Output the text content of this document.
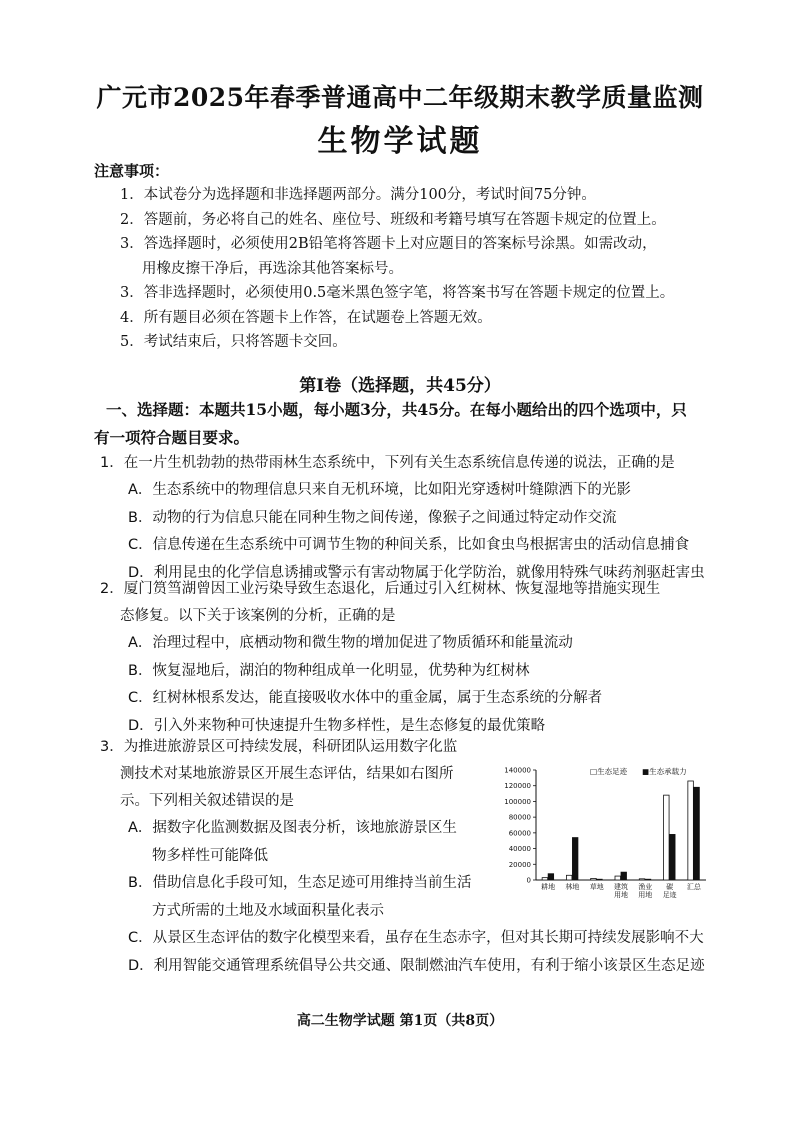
广元市2025年春季普通高中二年级期末教学质量监测
生物学试题
注意事项：
1．本试卷分为选择题和非选择题两部分。满分100分，考试时间75分钟。
2．答题前，务必将自己的姓名、座位号、班级和考籍号填写在答题卡规定的位置上。
3．答选择题时，必须使用2B铅笔将答题卡上对应题目的答案标号涂黑。如需改动，
用橡皮擦干净后，再选涂其他答案标号。
3．答非选择题时，必须使用0.5毫米黑色签字笔，将答案书写在答题卡规定的位置上。
4．所有题目必须在答题卡上作答，在试题卷上答题无效。
5．考试结束后，只将答题卡交回。
第Ⅰ卷（选择题，共45分）
一、选择题：本题共15小题，每小题3分，共45分。在每小题给出的四个选项中，只
有一项符合题目要求。
1．在一片生机勃勃的热带雨林生态系统中，下列有关生态系统信息传递的说法，正确的是
A．生态系统中的物理信息只来自无机环境，比如阳光穿透树叶缝隙洒下的光影
B．动物的行为信息只能在同种生物之间传递，像猴子之间通过特定动作交流
C．信息传递在生态系统中可调节生物的种间关系，比如食虫鸟根据害虫的活动信息捕食
D．利用昆虫的化学信息诱捕或警示有害动物属于化学防治，就像用特殊气味药剂驱赶害虫
2．厦门筼筜湖曾因工业污染导致生态退化，后通过引入红树林、恢复湿地等措施实现生
态修复。以下关于该案例的分析，正确的是
A．治理过程中，底栖动物和微生物的增加促进了物质循环和能量流动
B．恢复湿地后，湖泊的物种组成单一化明显，优势种为红树林
C．红树林根系发达，能直接吸收水体中的重金属，属于生态系统的分解者
D．引入外来物种可快速提升生物多样性，是生态修复的最优策略
3．为推进旅游景区可持续发展，科研团队运用数字化监
测技术对某地旅游景区开展生态评估，结果如右图所
示。下列相关叙述错误的是
A．据数字化监测数据及图表分析，该地旅游景区生
物多样性可能降低
B．借助信息化手段可知，生态足迹可用维持当前生活
方式所需的土地及水域面积量化表示
C．从景区生态评估的数字化模型来看，虽存在生态赤字，但对其长期可持续发展影响不大
D．利用智能交通管理系统倡导公共交通、限制燃油汽车使用，有利于缩小该景区生态足迹
0
20000
40000
60000
80000
100000
120000
140000	□生态足迹 ■生态承载力
耕地 林地 草地 建筑
用地
渔业
用地
碳
足迹
汇总
高二生物学试题 第1页（共8页）
